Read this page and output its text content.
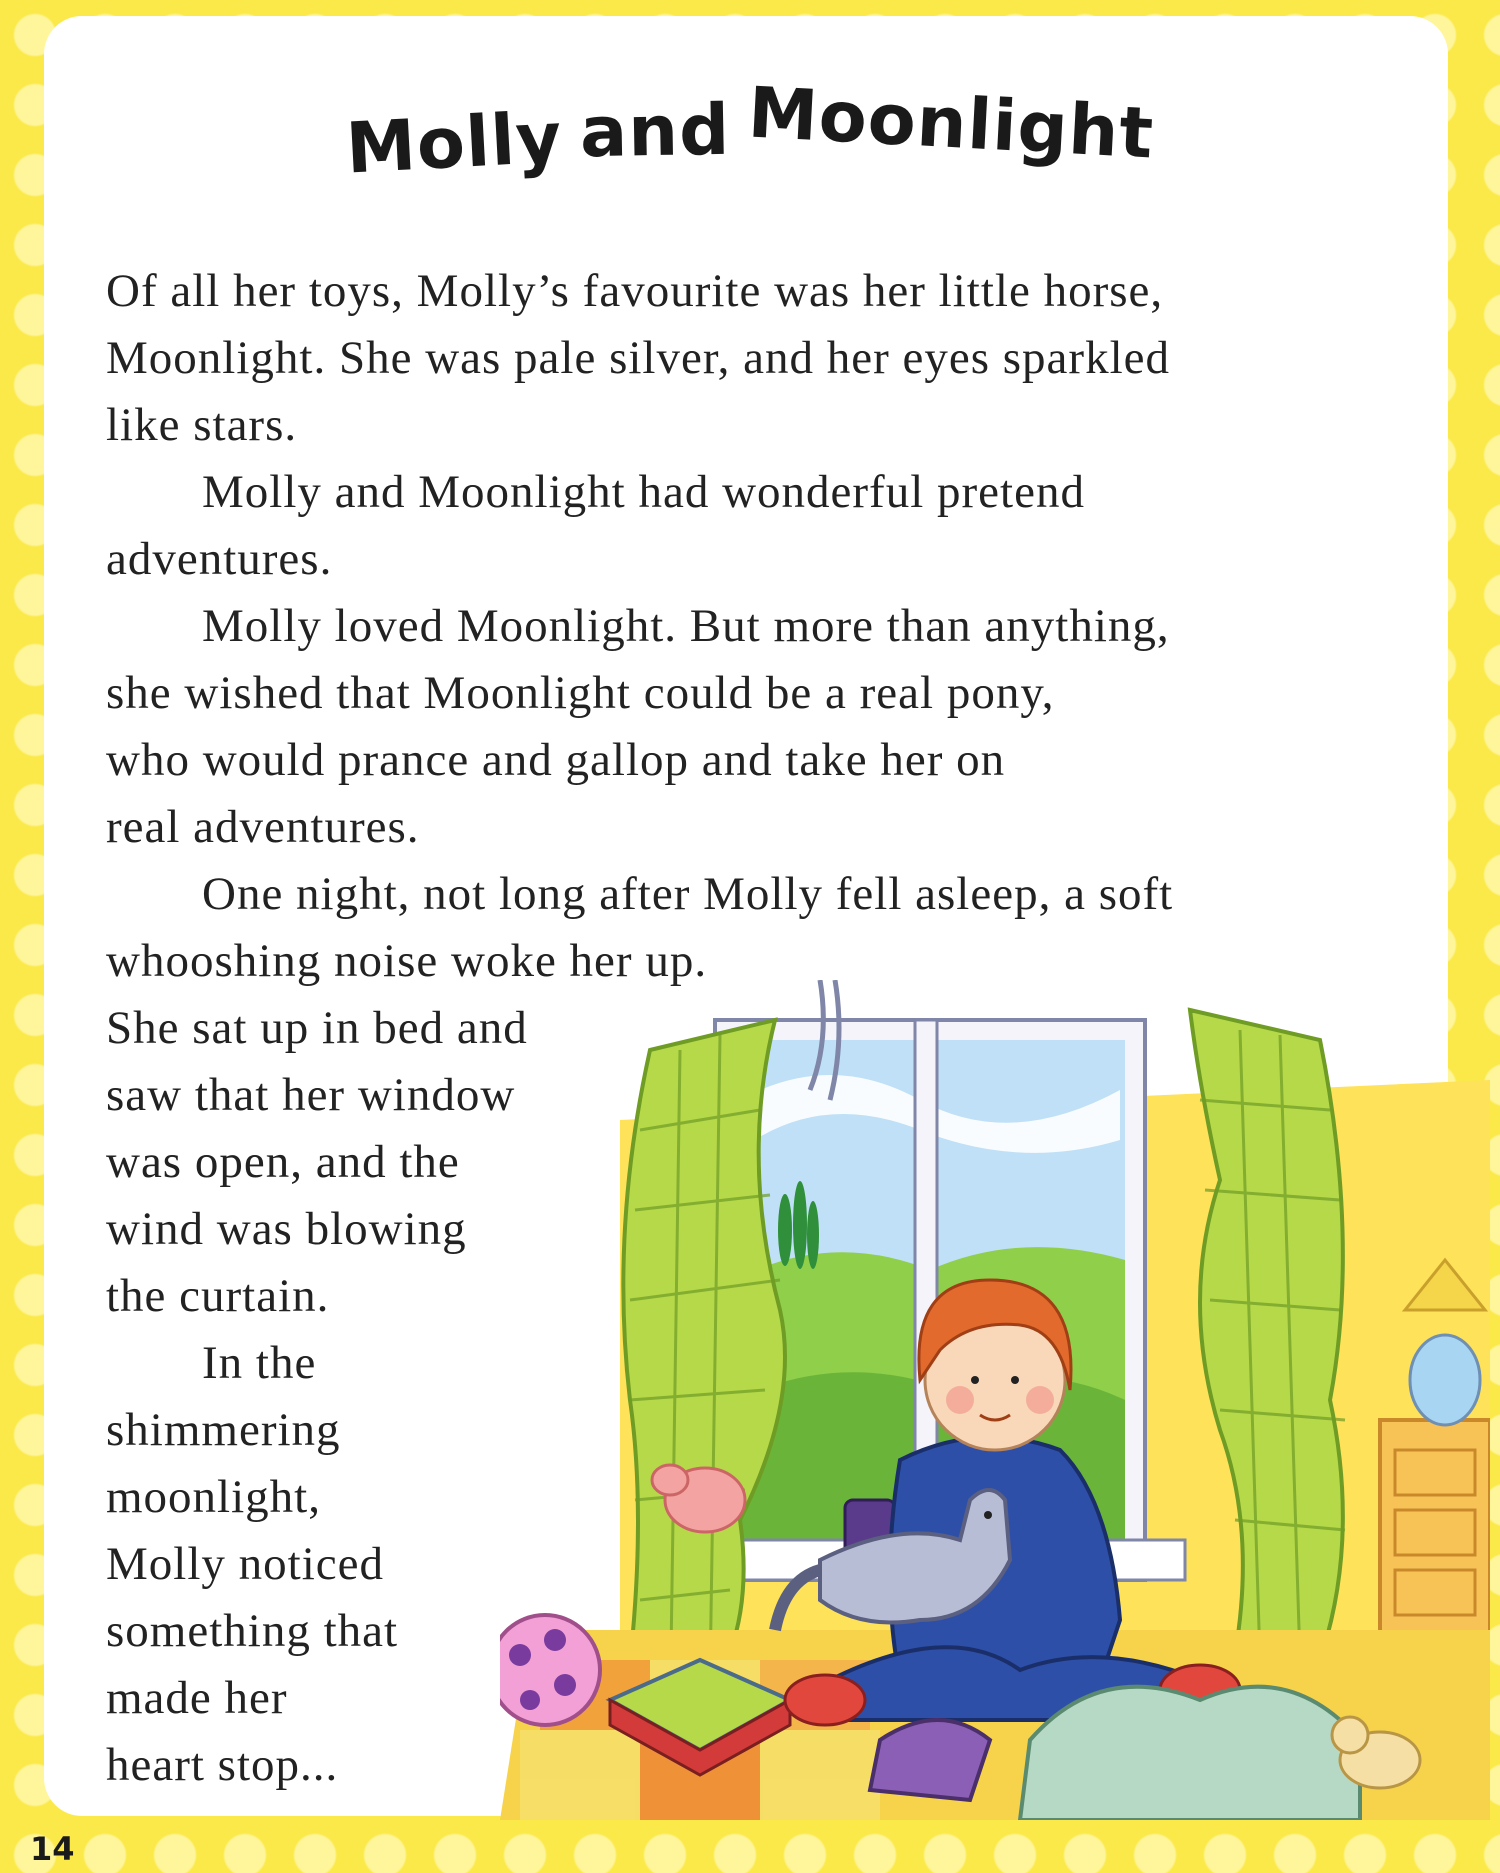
Molly and Moonlight
Of all her toys, Molly’s favourite was her little horse,
Moonlight. She was pale silver, and her eyes sparkled
like stars.
Molly and Moonlight had wonderful pretend
adventures.
Molly loved Moonlight. But more than anything,
she wished that Moonlight could be a real pony,
who would prance and gallop and take her on
real adventures.
One night, not long after Molly fell asleep, a soft
whooshing noise woke her up.
She sat up in bed and
saw that her window
was open, and the
wind was blowing
the curtain.
In the
shimmering
moonlight,
Molly noticed
something that
made her
heart stop...
14
